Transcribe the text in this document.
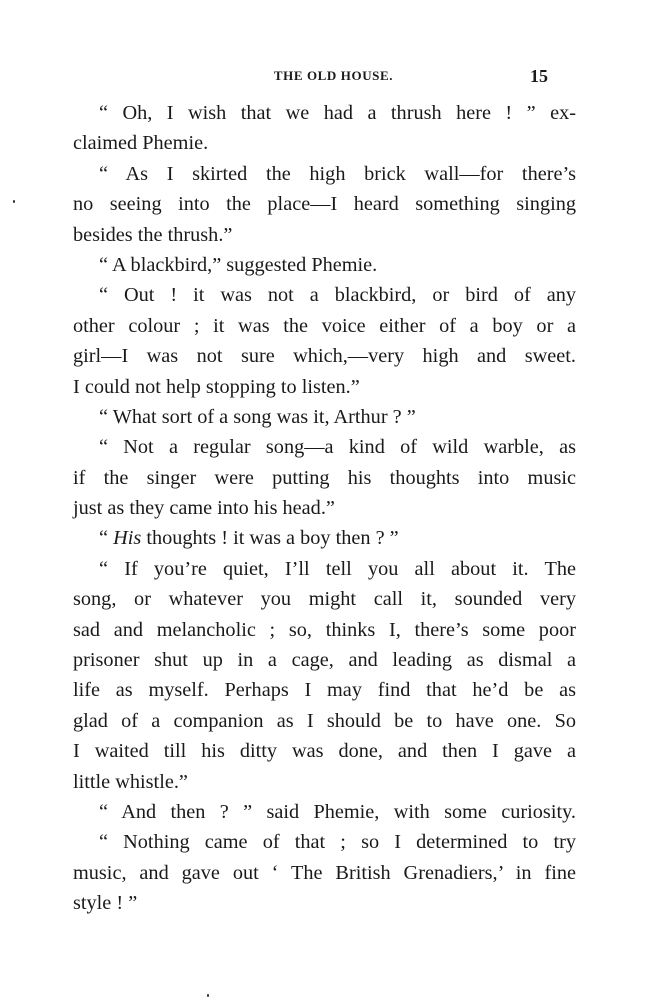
THE OLD HOUSE.	15
“ Oh, I wish that we had a thrush here ! ” ex-
claimed Phemie.
“ As I skirted the high brick wall—for there’s
no seeing into the place—I heard something singing
besides the thrush.”
“ A blackbird,” suggested Phemie.
“ Out ! it was not a blackbird, or bird of any
other colour ; it was the voice either of a boy or a
girl—I was not sure which,—very high and sweet.
I could not help stopping to listen.”
“ What sort of a song was it, Arthur ? ”
“ Not a regular song—a kind of wild warble, as
if the singer were putting his thoughts into music
just as they came into his head.”
“ His thoughts ! it was a boy then ? ”
“ If you’re quiet, I’ll tell you all about it. The
song, or whatever you might call it, sounded very
sad and melancholic ; so, thinks I, there’s some poor
prisoner shut up in a cage, and leading as dismal a
life as myself. Perhaps I may find that he’d be as
glad of a companion as I should be to have one. So
I waited till his ditty was done, and then I gave a
little whistle.”
“ And then ? ” said Phemie, with some curiosity.
“ Nothing came of that ; so I determined to try
music, and gave out ‘ The British Grenadiers,’ in fine
style ! ”
